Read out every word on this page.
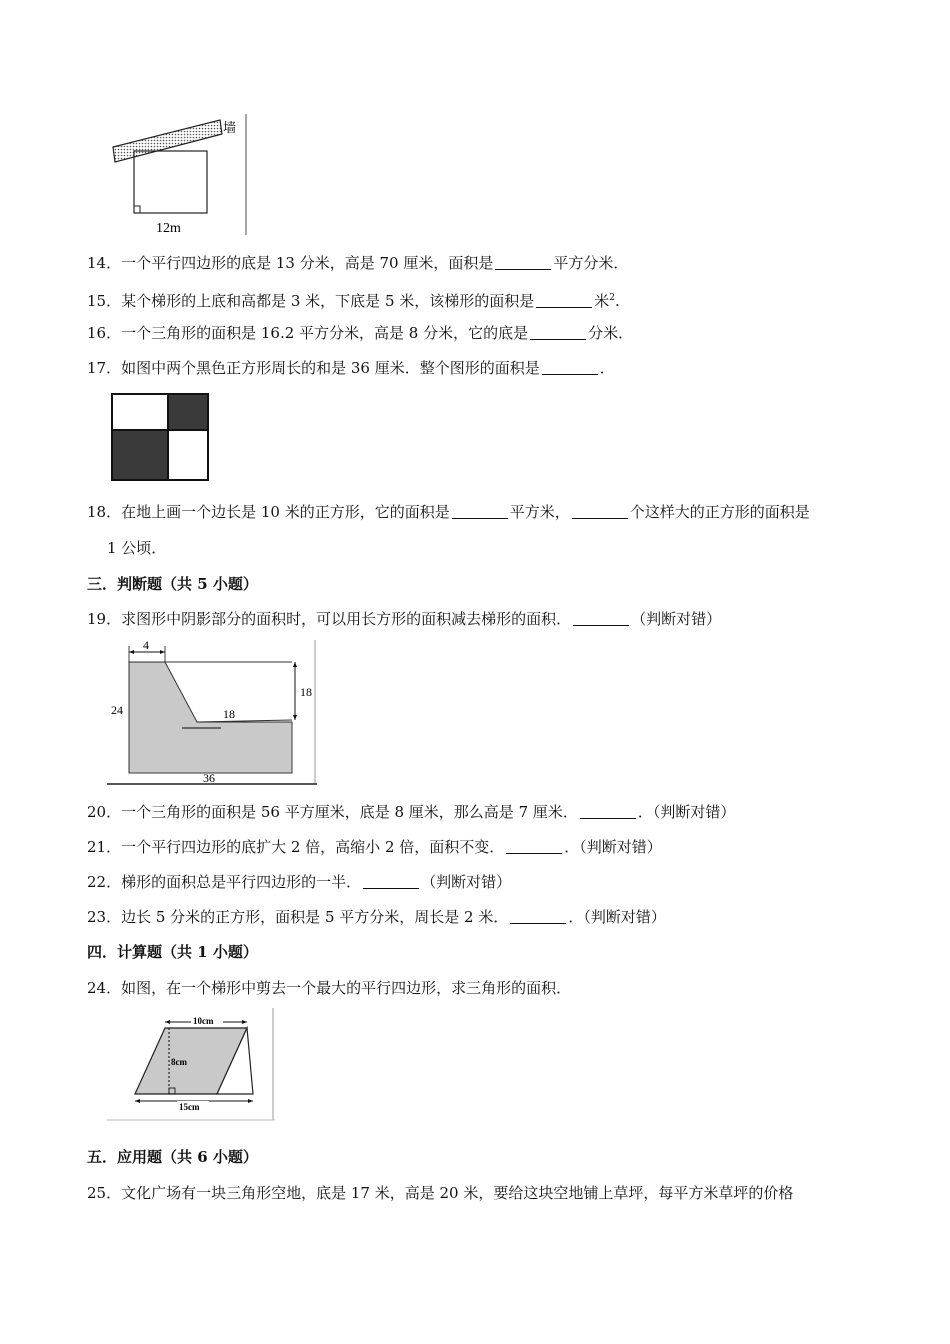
墙
12m
14．一个平行四边形的底是 13 分米，高是 70 厘米，面积是	平方分米．
15．某个梯形的上底和高都是 3 米，下底是 5 米，该梯形的面积是	米$^2$.
16．一个三角形的面积是 16.2 平方分米，高是 8 分米，它的底是	分米．
17．如图中两个黑色正方形周长的和是 36 厘米．整个图形的面积是	．
18．在地上画一个边长是 10 米的正方形，它的面积是	平方米，	个这样大的正方形的面积是
1 公顷．
三．判断题（共 5 小题）
19．求图形中阴影部分的面积时，可以用长方形的面积减去梯形的面积．	（判断对错）
4
24
18
18
36
20．一个三角形的面积是 56 平方厘米，底是 8 厘米，那么高是 7 厘米．	．（判断对错）
21．一个平行四边形的底扩大 2 倍，高缩小 2 倍，面积不变．	．（判断对错）
22．梯形的面积总是平行四边形的一半．	（判断对错）
23．边长 5 分米的正方形，面积是 5 平方分米，周长是 2 米．	．（判断对错）
四．计算题（共 1 小题）
24．如图，在一个梯形中剪去一个最大的平行四边形，求三角形的面积．
10cm
8cm
15cm
五．应用题（共 6 小题）
25．文化广场有一块三角形空地，底是 17 米，高是 20 米，要给这块空地铺上草坪，每平方米草坪的价格
